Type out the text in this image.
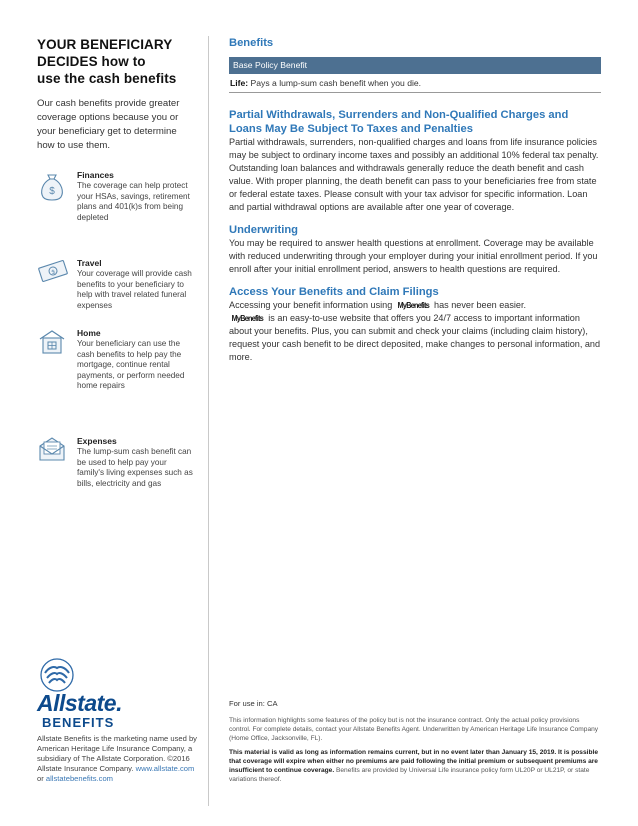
YOUR BENEFICIARY
DECIDES how to
use the cash benefits
Our cash benefits provide greater coverage options because you or your beneficiary get to determine how to use them.
$
Finances
The coverage can help protect your HSAs, savings, retirement plans and 401(k)s from being depleted
$
Travel
Your coverage will provide cash benefits to your beneficiary to help with travel related funeral expenses
Home
Your beneficiary can use the cash benefits to help pay the mortgage, continue rental payments, or perform needed home repairs
Expenses
The lump-sum cash benefit can be used to help pay your family's living expenses such as bills, electricity and gas
Allstate.
BENEFITS
Allstate Benefits is the marketing name used by American Heritage Life Insurance Company, a subsidiary of The Allstate Corporation. ©2016 Allstate Insurance Company. www.allstate.com or allstatebenefits.com
Benefits
Base Policy Benefit
Life: Pays a lump-sum cash benefit when you die.
Partial Withdrawals, Surrenders and Non-Qualified Charges and Loans May Be Subject To Taxes and Penalties
Partial withdrawals, surrenders, non-qualified charges and loans from life insurance policies may be subject to ordinary income taxes and possibly an additional 10% federal tax penalty. Outstanding loan balances and withdrawals generally reduce the death benefit and cash value. With proper planning, the death benefit can pass to your beneficiaries free from state or federal estate taxes. Please consult with your tax advisor for specific information. Loan and partial withdrawal options are available after one year of coverage.
Underwriting
You may be required to answer health questions at enrollment. Coverage may be available with reduced underwriting through your employer during your initial enrollment period. If you enroll after your initial enrollment period, answers to health questions are required.
Access Your Benefits and Claim Filings
Accessing your benefit information using MyBenefits has never been easier.
MyBenefits is an easy-to-use website that offers you 24/7 access to important information about your benefits. Plus, you can submit and check your claims (including claim history), request your cash benefit to be direct deposited, make changes to personal information, and more.
For use in: CA
This information highlights some features of the policy but is not the insurance contract. Only the actual policy provisions control. For complete details, contact your Allstate Benefits Agent. Underwritten by American Heritage Life Insurance Company (Home Office, Jacksonville, FL).
This material is valid as long as information remains current, but in no event later than January 15, 2019. It is possible that coverage will expire when either no premiums are paid following the initial premium or subsequent premiums are insufficient to continue coverage. Benefits are provided by Universal Life insurance policy form UL20P or UL21P, or state variations thereof.
